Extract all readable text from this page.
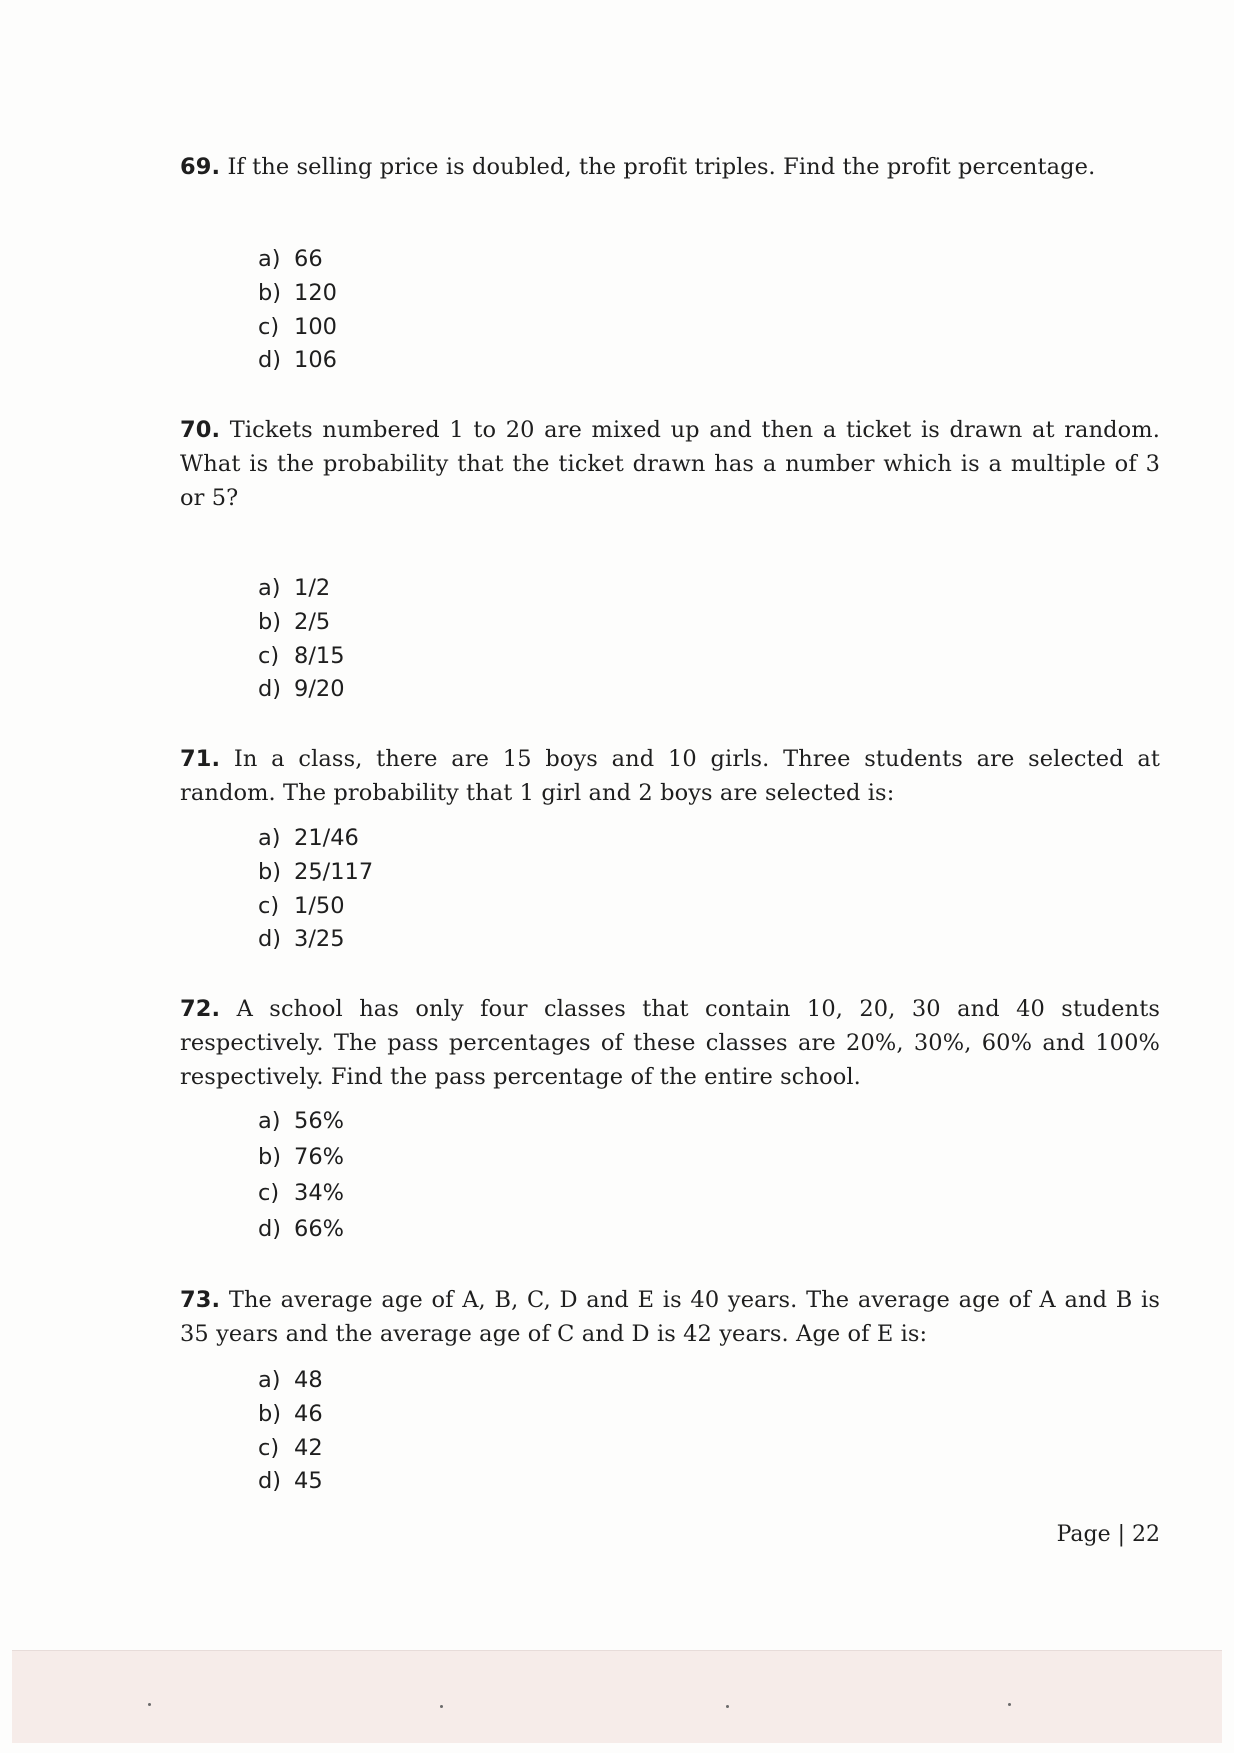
69. If the selling price is doubled, the profit triples. Find the profit percentage.

a) 66
b) 120
c) 100
d) 106

70. Tickets numbered 1 to 20 are mixed up and then a ticket is drawn at random. What is the probability that the ticket drawn has a number which is a multiple of 3 or 5?

a) 1/2
b) 2/5
c) 8/15
d) 9/20

71. In a class, there are 15 boys and 10 girls. Three students are selected at random. The probability that 1 girl and 2 boys are selected is:

a) 21/46
b) 25/117
c) 1/50
d) 3/25

72. A school has only four classes that contain 10, 20, 30 and 40 students respectively. The pass percentages of these classes are 20%, 30%, 60% and 100% respectively. Find the pass percentage of the entire school.

a) 56%
b) 76%
c) 34%
d) 66%

73. The average age of A, B, C, D and E is 40 years. The average age of A and B is 35 years and the average age of C and D is 42 years. Age of E is:

a) 48
b) 46
c) 42
d) 45
Page | 22
